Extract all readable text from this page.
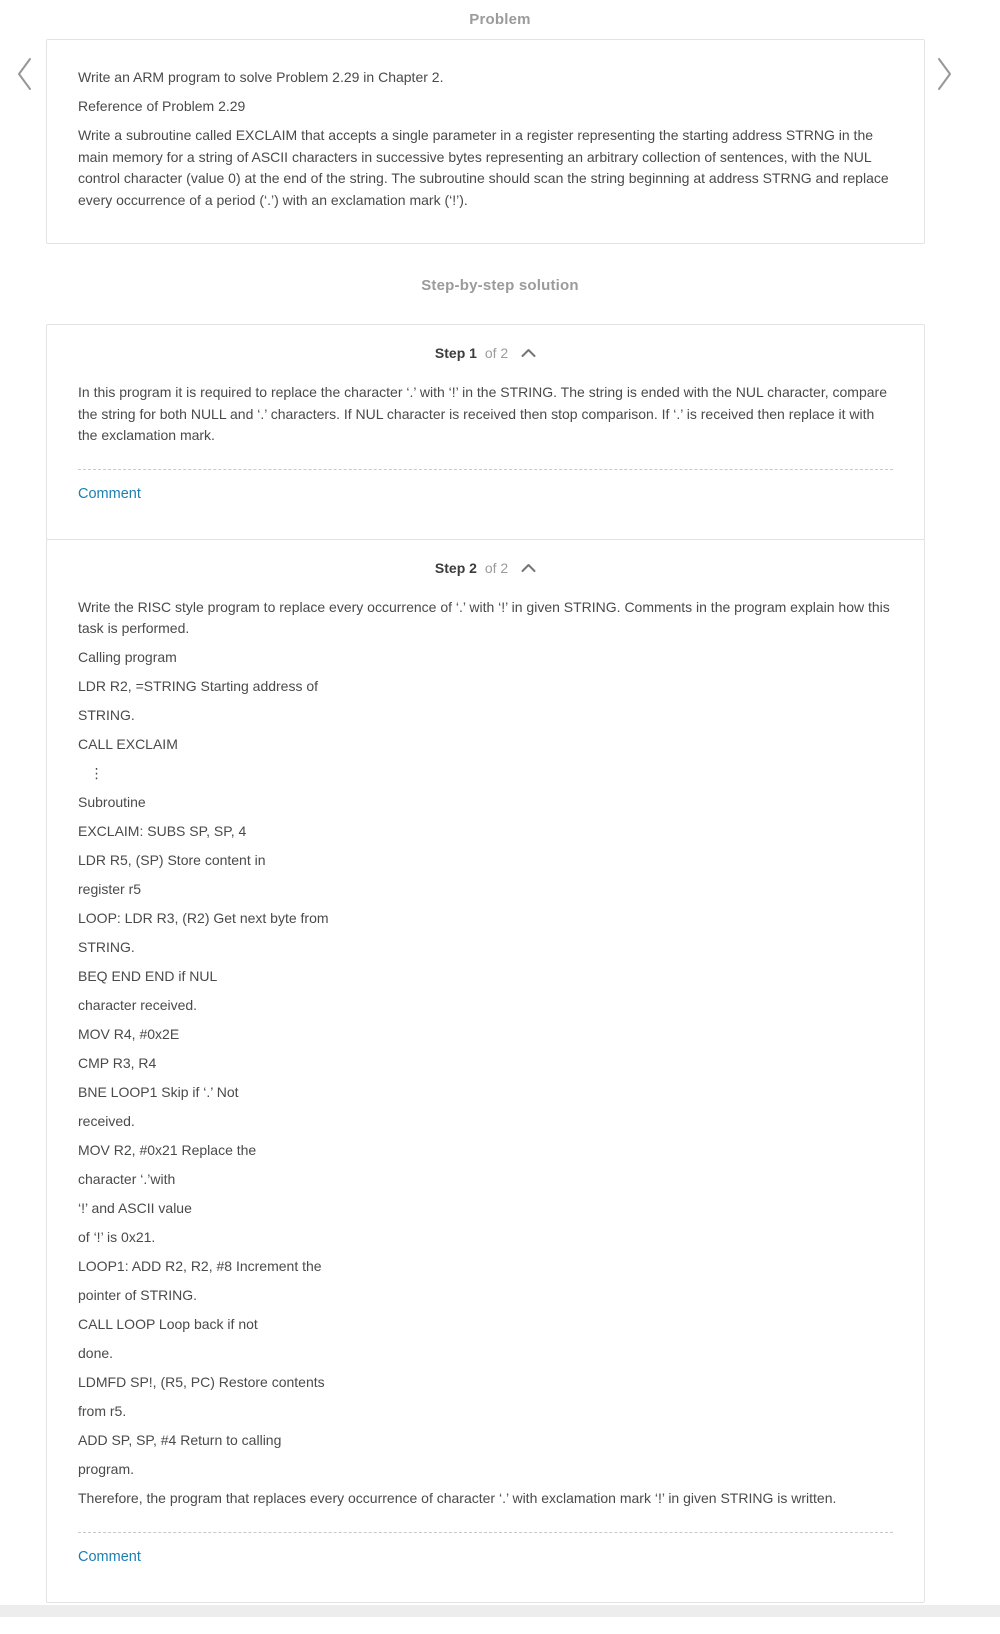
Problem

Write an ARM program to solve Problem 2.29 in Chapter 2.

Reference of Problem 2.29

Write a subroutine called EXCLAIM that accepts a single parameter in a register representing the starting address STRNG in the main memory for a string of ASCII characters in successive bytes representing an arbitrary collection of sentences, with the NUL control character (value 0) at the end of the string. The subroutine should scan the string beginning at address STRNG and replace every occurrence of a period (‘.’) with an exclamation mark (‘!’).

Step-by-step solution
Step 1 of 2

In this program it is required to replace the character ‘.’ with ‘!’ in the STRING. The string is ended with the NUL character, compare the string for both NULL and ‘.’ characters. If NUL character is received then stop comparison. If ‘.’ is received then replace it with the exclamation mark.

Comment
Step 2 of 2

Write the RISC style program to replace every occurrence of ‘.’ with ‘!’ in given STRING. Comments in the program explain how this task is performed.

Calling program

LDR R2, =STRING Starting address of

STRING.

CALL EXCLAIM

⋮

Subroutine

EXCLAIM: SUBS SP, SP, 4

LDR R5, (SP) Store content in

register r5

LOOP: LDR R3, (R2) Get next byte from

STRING.

BEQ END END if NUL

character received.

MOV R4, #0x2E

CMP R3, R4

BNE LOOP1 Skip if ‘.’ Not

received.

MOV R2, #0x21 Replace the

character ‘.’with

‘!’ and ASCII value

of ‘!’ is 0x21.

LOOP1: ADD R2, R2, #8 Increment the

pointer of STRING.

CALL LOOP Loop back if not

done.

LDMFD SP!, (R5, PC) Restore contents

from r5.

ADD SP, SP, #4 Return to calling

program.

Therefore, the program that replaces every occurrence of character ‘.’ with exclamation mark ‘!’ in given STRING is written.

Comment
